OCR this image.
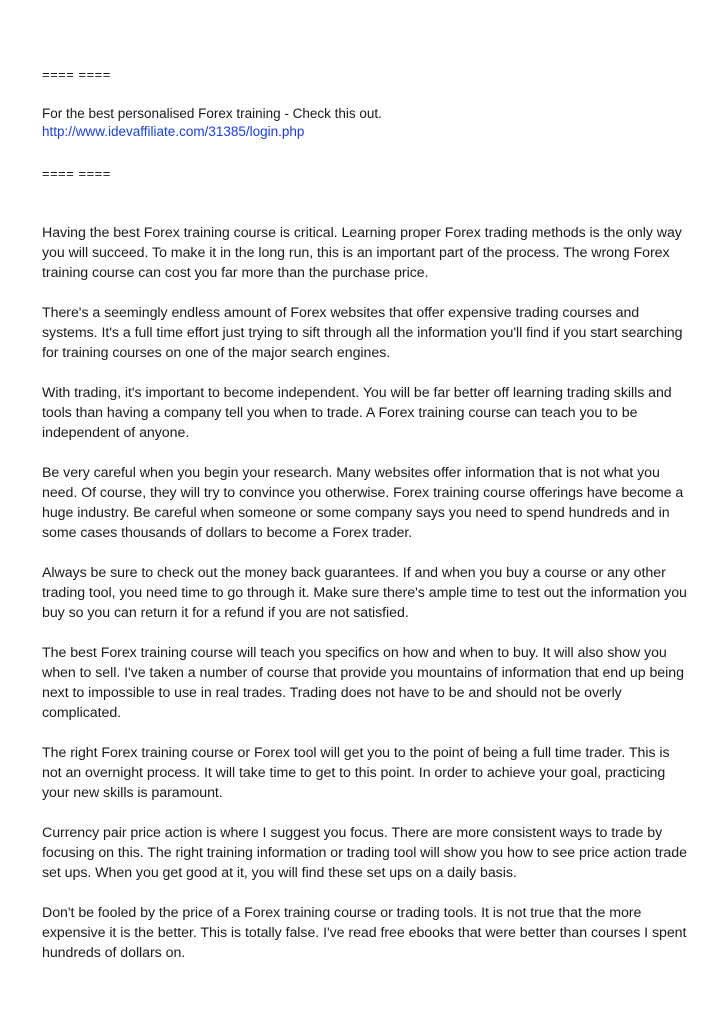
==== ====

For the best personalised Forex training - Check this out.
http://www.idevaffiliate.com/31385/login.php

==== ====

Having the best Forex training course is critical. Learning proper Forex trading methods is the only way you will succeed. To make it in the long run, this is an important part of the process. The wrong Forex training course can cost you far more than the purchase price.

There's a seemingly endless amount of Forex websites that offer expensive trading courses and systems. It's a full time effort just trying to sift through all the information you'll find if you start searching for training courses on one of the major search engines.

With trading, it's important to become independent. You will be far better off learning trading skills and tools than having a company tell you when to trade. A Forex training course can teach you to be independent of anyone.

Be very careful when you begin your research. Many websites offer information that is not what you need. Of course, they will try to convince you otherwise. Forex training course offerings have become a huge industry. Be careful when someone or some company says you need to spend hundreds and in some cases thousands of dollars to become a Forex trader.

Always be sure to check out the money back guarantees. If and when you buy a course or any other trading tool, you need time to go through it. Make sure there's ample time to test out the information you buy so you can return it for a refund if you are not satisfied.

The best Forex training course will teach you specifics on how and when to buy. It will also show you when to sell. I've taken a number of course that provide you mountains of information that end up being next to impossible to use in real trades. Trading does not have to be and should not be overly complicated.

The right Forex training course or Forex tool will get you to the point of being a full time trader. This is not an overnight process. It will take time to get to this point. In order to achieve your goal, practicing your new skills is paramount.

Currency pair price action is where I suggest you focus. There are more consistent ways to trade by focusing on this. The right training information or trading tool will show you how to see price action trade set ups. When you get good at it, you will find these set ups on a daily basis.

Don't be fooled by the price of a Forex training course or trading tools. It is not true that the more expensive it is the better. This is totally false. I've read free ebooks that were better than courses I spent hundreds of dollars on.
